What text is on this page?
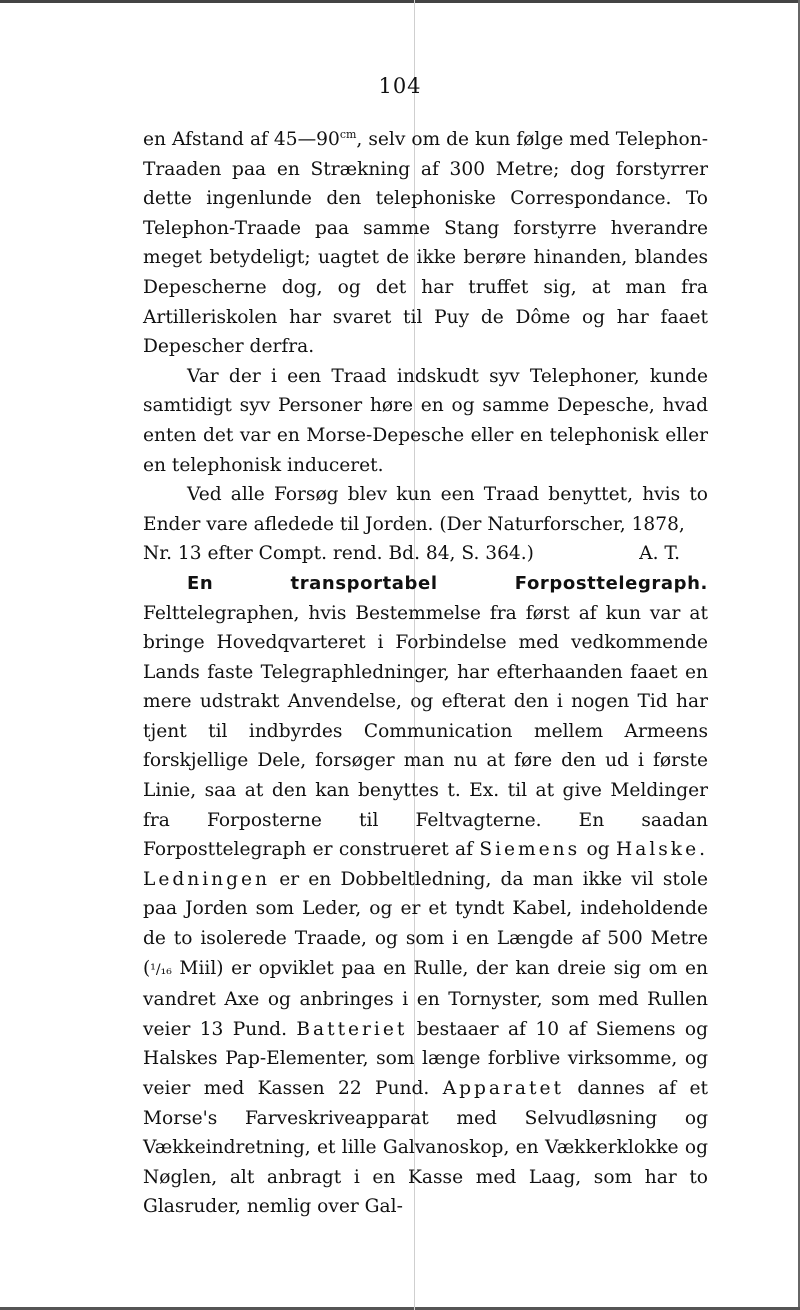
104

en Afstand af $45—90^{cm}$, selv om de kun følge med Telephon-Traaden paa en Strækning af 300 Metre; dog forstyrrer dette ingenlunde den telephoniske Correspondance. To Telephon-Traade paa samme Stang forstyrre hverandre meget betydeligt; uagtet de ikke berøre hinanden, blandes Depescherne dog, og det har truffet sig, at man fra Artilleriskolen har svaret til Puy de Dôme og har faaet Depescher derfra.

Var der i een Traad indskudt syv Telephoner, kunde samtidigt syv Personer høre en og samme Depesche, hvad enten det var en Morse-Depesche eller en telephonisk eller en telephonisk induceret.

Ved alle Forsøg blev kun een Traad benyttet, hvis to Ender vare afledede til Jorden. (Der Naturforscher, 1878,

Nr. 13 efter Compt. rend. Bd. 84, S. 364.)	A. T.

En transportabel Forposttelegraph. Felttelegraphen, hvis Bestemmelse fra først af kun var at bringe Hovedqvarteret i Forbindelse med vedkommende Lands faste Telegraphledninger, har efterhaanden faaet en mere udstrakt Anvendelse, og efterat den i nogen Tid har tjent til indbyrdes Communication mellem Armeens forskjellige Dele, forsøger man nu at føre den ud i første Linie, saa at den kan benyttes t. Ex. til at give Meldinger fra Forposterne til Feltvagterne. En saadan Forposttelegraph er construeret af Siemens og Halske. Ledningen er en Dobbeltledning, da man ikke vil stole paa Jorden som Leder, og er et tyndt Kabel, indeholdende de to isolerede Traade, og som i en Længde af 500 Metre (¹/₁₆ Miil) er opviklet paa en Rulle, der kan dreie sig om en vandret Axe og anbringes i en Tornyster, som med Rullen veier 13 Pund. Batteriet bestaaer af 10 af Siemens og Halskes Pap-Elementer, som længe forblive virksomme, og veier med Kassen 22 Pund. Apparatet dannes af et Morse's Farveskriveapparat med Selvudløsning og Vækkeindretning, et lille Galvanoskop, en Vækkerklokke og Nøglen, alt anbragt i en Kasse med Laag, som har to Glasruder, nemlig over Gal-
